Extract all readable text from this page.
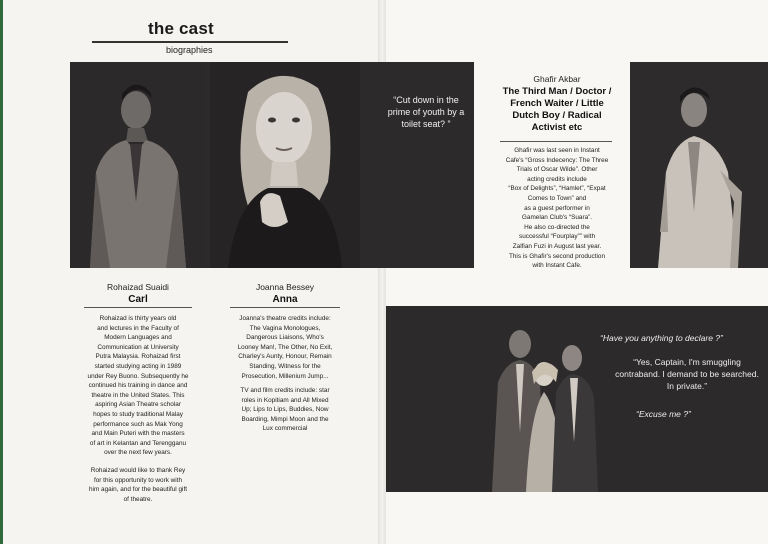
the cast
biographies
“Cut down in the prime of youth by a toilet seat? ”
“Have you anything to declare ?”
“Yes, Captain, I'm smuggling
contraband. I demand to be searched.
In private.”
“Excuse me ?”
Rohaizad Suaidi
Carl
Rohaizad is thirty years old
and lectures in the Faculty of
Modern Languages and
Communication at University
Putra Malaysia. Rohaizad first
started studying acting in 1989
under Rey Buono. Subsequently he
continued his training in dance and
theatre in the United States. This
aspiring Asian Theatre scholar
hopes to study traditional Malay
performance such as Mak Yong
and Main Puteri with the masters
of art in Kelantan and Terengganu
over the next few years.
Rohaizad would like to thank Rey
for this opportunity to work with
him again, and for the beautiful gift
of theatre.
Joanna Bessey
Anna
Joanna's theatre credits include:
The Vagina Monologues,
Dangerous Liaisons, Who's
Looney Man!, The Other, No Exit,
Charley's Aunty, Honour, Remain
Standing, Witness for the
Prosecution, Millenium Jump...
TV and film credits include: star
roles in Kopitiam and All Mixed
Up; Lips to Lips, Buddies, Now
Boarding, Mimpi Moon and the
Lux commercial
Ghafir Akbar
The Third Man / Doctor /
French Waiter / Little
Dutch Boy / Radical
Activist etc
Ghafir was last seen in Instant
Cafe's “Gross Indecency: The Three
Trials of Oscar Wilde”. Other
acting credits include
“Box of Delights”, “Hamlet”, “Expat
Comes to Town” and
as a guest performer in
Gamelan Club's “Suara”.
He also co-directed the
successful “Fourplay”” with
Zalfian Fuzi in August last year.
This is Ghafir's second production
with Instant Cafe.
